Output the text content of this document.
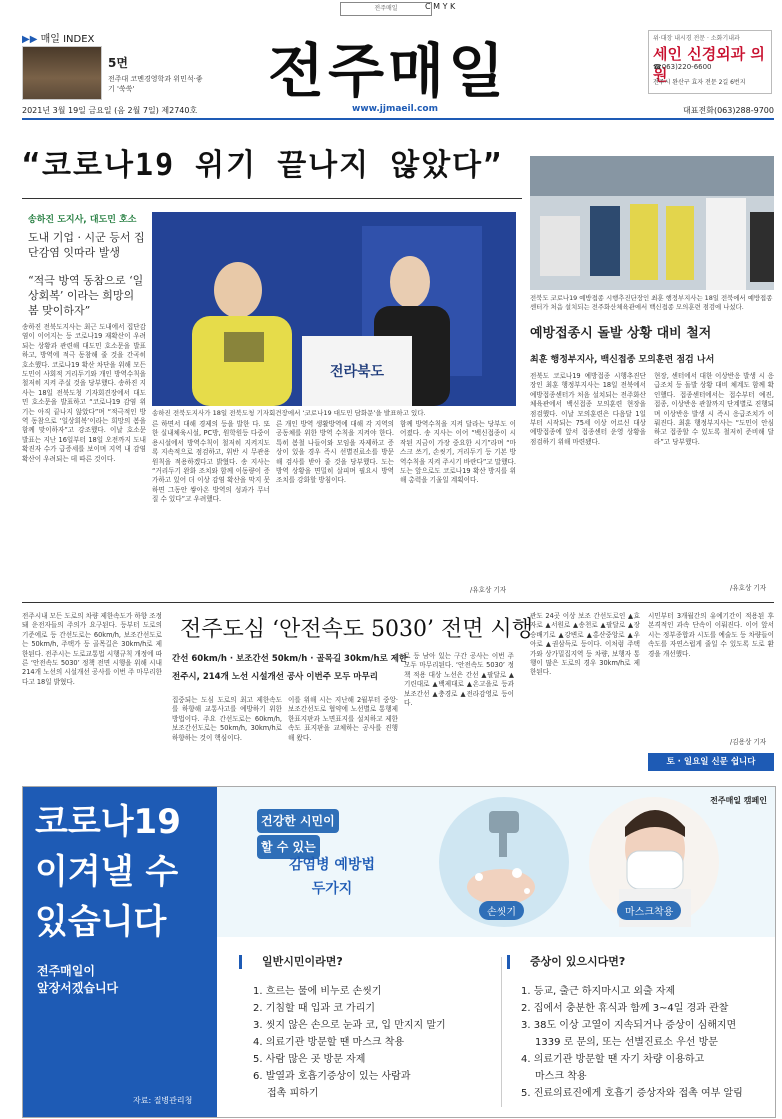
전주매일	C M Y K
▶▶ 매일 INDEX
5면
전주대 코멘경영학과 위민석·좋기 '쑥쑥'	전주매일	위·대장 내시경 전문 · 소화기내과
세인 신경외과 의원
☎063)220-6600
전주시 완산구 효자 전문 2길 6번지
2021년 3월 19일 금요일 (음 2월 7일) 제2740호	www.jjmaeil.com	대표전화(063)288-9700
“코로나19 위기 끝나지 않았다”
송하진 도지사, 대도민 호소
도내 기업 · 시군 등서 집단감염 잇따라 발생
“적극 방역 동참으로 ‘일상회복’ 이라는 희망의 봄 맞이하자”
송하진 전북도지사는 최근 도내에서 집단감염이 이어지는 등 코로나19 재확산이 우려되는 상황과 관련해 대도민 호소문을 발표하고, 방역에 적극 동참해 줄 것을 간곡히 호소했다. 코로나19 확산 차단을 위해 모든 도민이 사회적 거리두기와 개인 방역수칙을 철저히 지켜 주실 것을 당부했다. 송하진 지사는 18일 전북도청 기자회견장에서 대도민 호소문을 발표하고 “코로나19 감염 위기는 아직 끝나지 않았다”며 “적극적인 방역 동참으로 ‘일상회복’이라는 희망의 봄을 함께 맞이하자”고 강조했다. 이날 호소문 발표는 지난 16일부터 18일 오전까지 도내 확진자 수가 급증세를 보이며 지역 내 감염 확산이 우려되는 데 따른 것이다.
전라북도
송하진 전북도지사가 18일 전북도청 기자회견장에서 ‘코로나19 대도민 담화문’을 발표하고 있다.
른 하면서 대해 경제의 등을 발한 다. 또한 실내체육시설, PC방, 원학원등 다중이용시설에서 방역수칙이 철저히 지켜지도록 지속적으로 점검하고, 위반 시 무관용 원칙을 적용하겠다고 밝혔다. 송 지사는 “거리두기 완화 조치와 함께 이동량이 증가하고 있어 더 이상 감염 확산을 막지 못하면 그동안 쌓아온 방역의 성과가 무너질 수 있다”고 우려했다.
른 개인 방역 생활방역에 대해 각 지역의 공동체를 위한 방역 수칙을 지켜야 한다. 특히 봄철 나들이와 모임을 자제하고 증상이 있을 경우 즉시 선별진료소를 방문해 검사를 받아 줄 것을 당부했다. 도는 방역 상황을 면밀히 살피며 필요시 방역 조치를 강화할 방침이다.
함께 방역수칙을 지켜 달라는 당부도 이어졌다. 송 지사는 이어 “백신접종이 시작된 지금이 가장 중요한 시기”라며 “마스크 쓰기, 손씻기, 거리두기 등 기본 방역수칙을 지켜 주시기 바란다”고 말했다. 도는 앞으로도 코로나19 확산 방지를 위해 총력을 기울일 계획이다.
/유호상 기자
전북도 코로나19 예방접종 시행추진단장인 최훈 행정부지사는 18일 전북에서 예방접종센터가 처음 설치되는 전주화산체육관에서 백신접종 모의훈련 점검에 나섰다.
예방접종시 돌발 상황 대비 철저
최훈 행정부지사, 백신접종 모의훈련 점검 나서
전북도 코로나19 예방접종 시행추진단장인 최훈 행정부지사는 18일 전북에서 예방접종센터가 처음 설치되는 전주화산체육관에서 백신접종 모의훈련 현장을 점검했다. 이날 모의훈련은 다음달 1일부터 시작되는 75세 이상 어르신 대상 예방접종에 앞서 접종센터 운영 상황을 점검하기 위해 마련됐다.
현장, 센터에서 대한 이상반응 발생 시 응급조치 등 돌발 상황 대비 체계도 함께 확인했다. 접종센터에서는 접수부터 예진, 접종, 이상반응 관찰까지 단계별로 진행되며 이상반응 발생 시 즉시 응급조치가 이뤄진다. 최훈 행정부지사는 “도민이 안심하고 접종할 수 있도록 철저히 준비해 달라”고 당부했다.
/유호상 기자
전주시내 모든 도로의 차량 제한속도가 하향 조정돼 운전자들의 주의가 요구된다. 등부터 도로의 기준에로 등 간선도로는 60km/h, 보조간선도로는 50km/h, 주택가 등 골목길은 30km/h로 제한된다. 전주시는 도로교통법 시행규칙 개정에 따른 ‘안전속도 5030’ 정책 전면 시행을 위해 시내 214개 노선의 시설개선 공사를 이번 주 마무리한다고 18일 밝혔다.
전주도심 ‘안전속도 5030’ 전면 시행
간선 60km/h · 보조간선 50km/h · 골목길 30km/h로 제한
전주시, 214개 노선 시설개선 공사 이번주 모두 마무리
집중되는 도심 도로의 최고 제한속도를 하향해 교통사고를 예방하기 위한 방법이다. 주요 간선도로는 60km/h, 보조간선도로는 50km/h, 30km/h로 하향하는 것이 핵심이다.
이를 위해 시는 지난해 2월부터 중앙·보조간선도로 협약에 노선별로 통행제한표지판과 노면표지를 설치하고 제한속도 표지판을 교체하는 공사를 진행해 왔다.
로 등 남아 있는 구간 공사는 이번 주 모두 마무리된다. ‘안전속도 5030’ 정책 적용 대상 노선은 간선 ▲팔달로 ▲기린대로 ▲백제대로 ▲온고을로 등과 보조간선 ▲충경로 ▲전라감영로 등이다.
관도 24곳 이상 보조 간선도로인 ▲효자로 ▲서원로 ▲송천로 ▲팔달로 ▲장승배기로 ▲강변로 ▲홍산중앙로 ▲우아로 ▲권삼득로 등이다. 이처럼 주택가와 상가밀집지역 등 차량, 보행자 통행이 많은 도로의 경우 30km/h로 제한된다.
시민부터 3개월간의 유예기간이 적용된 후 본격적인 과속 단속이 이뤄진다. 이어 앞서 시는 정부종합과 시도를 예술도 등 차량들이 속도를 자연스럽게 줄일 수 있도록 도로 환경을 개선했다.
/김용상 기자
토 · 일요일 신문 쉽니다
코로나19
이겨낼 수
있습니다
전주매일이
앞장서겠습니다
자료: 질병관리청
전주매일 캠페인
건강한 시민이
할 수 있는
감염병 예방법
두가지
손씻기	마스크착용
일반시민이라면?
1. 흐르는 물에 비누로 손씻기
2. 기침할 때 입과 코 가리기
3. 씻지 않은 손으로 눈과 코, 입 만지지 말기
4. 의료기관 방문할 땐 마스크 착용
5. 사람 많은 곳 방문 자제
6. 발열과 호흡기증상이 있는 사람과
접촉 피하기
증상이 있으시다면?
1. 등교, 출근 하지마시고 외출 자제
2. 집에서 충분한 휴식과 함께 3~4일 경과 관찰
3. 38도 이상 고열이 지속되거나 증상이 심해지면
1339 로 문의, 또는 선별진료소 우선 방문
4. 의료기관 방문할 땐 자기 차량 이용하고
마스크 착용
5. 진료의료진에게 호흡기 증상자와 접촉 여부 알림
